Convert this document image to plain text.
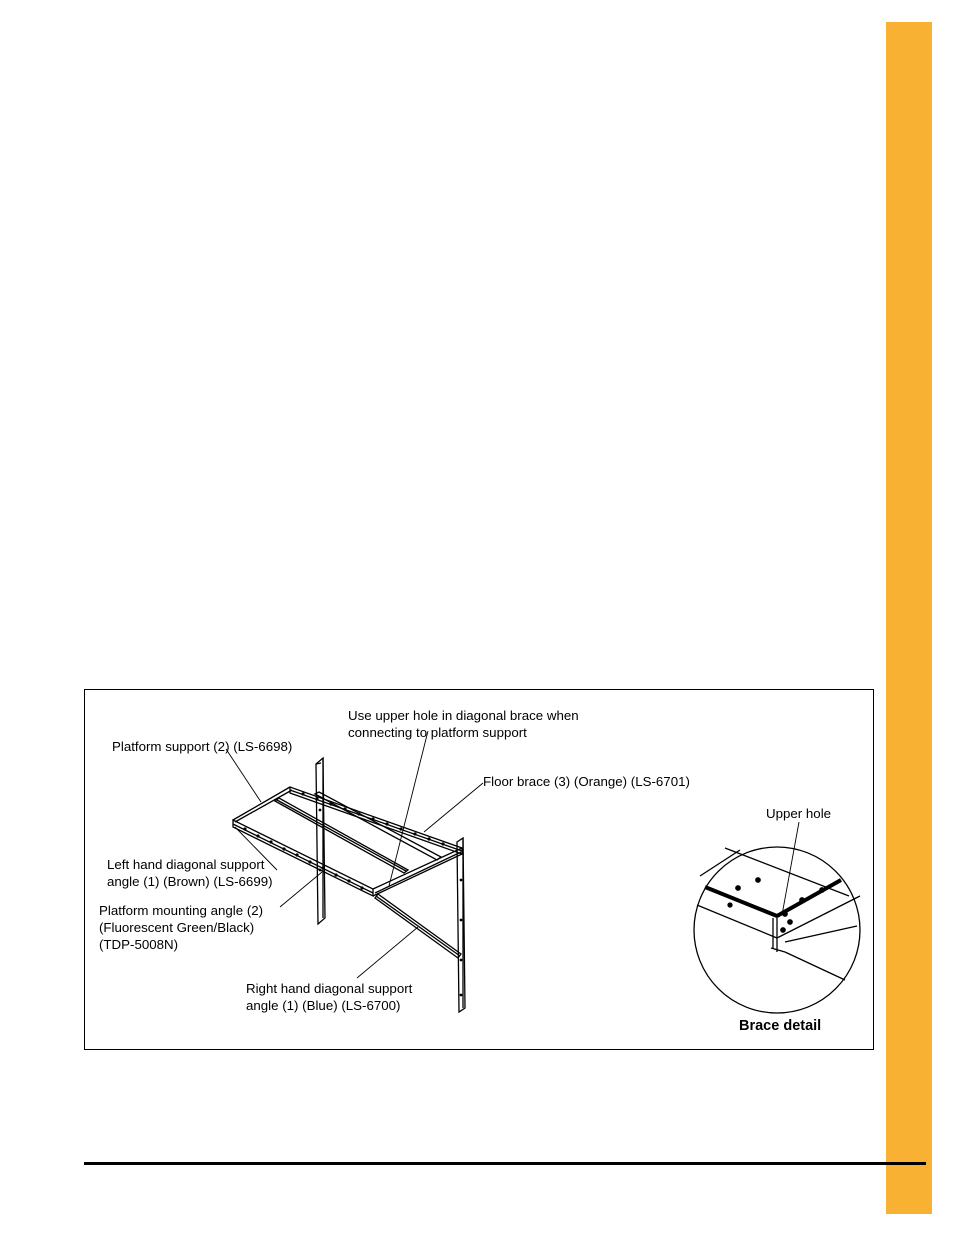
Platform support (2) (LS-6698)

Use upper hole in diagonal brace when
connecting to platform support

Floor brace (3) (Orange) (LS-6701)

Left hand diagonal support
angle (1) (Brown) (LS-6699)

Platform mounting angle (2)
(Fluorescent Green/Black)
(TDP-5008N)

Right hand diagonal support
angle (1) (Blue) (LS-6700)

Upper hole

Brace detail
